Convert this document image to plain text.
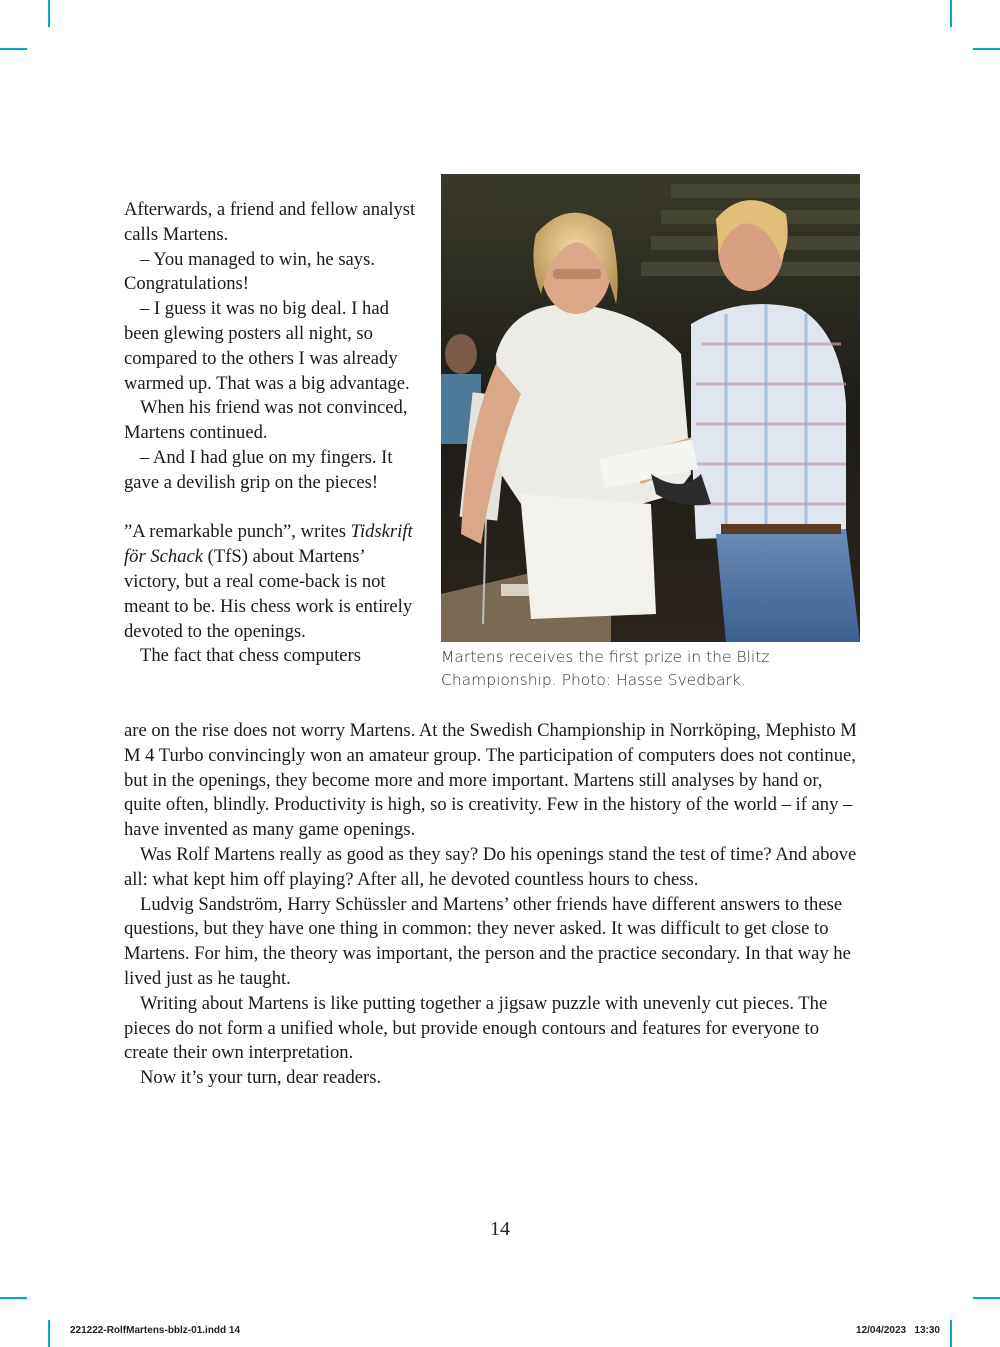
Afterwards, a friend and fellow analyst calls Martens.

– You managed to win, he says. Congratulations!

– I guess it was no big deal. I had been glewing posters all night, so compared to the others I was already warmed up. That was a big advantage.

When his friend was not convinced, Martens continued.

– And I had glue on my fingers. It gave a devilish grip on the pieces!

”A remarkable punch”, writes Tidskrift för Schack (TfS) about Martens’ victory, but a real come-back is not meant to be. His chess work is entirely devoted to the openings.

The fact that chess computers	Martens receives the first prize in the Blitz Championship. Photo: Hasse Svedbark.

are on the rise does not worry Martens. At the Swedish Championship in Norrköping, Mephisto M M 4 Turbo convincingly won an amateur group. The participation of computers does not continue, but in the openings, they become more and more important. Martens still analyses by hand or, quite often, blindly. Productivity is high, so is creativity. Few in the history of the world – if any – have invented as many game openings.

Was Rolf Martens really as good as they say? Do his openings stand the test of time? And above all: what kept him off playing? After all, he devoted countless hours to chess.

Ludvig Sandström, Harry Schüssler and Martens’ other friends have different answers to these questions, but they have one thing in common: they never asked. It was difficult to get close to Martens. For him, the theory was important, the person and the practice secondary. In that way he lived just as he taught.

Writing about Martens is like putting together a jigsaw puzzle with unevenly cut pieces. The pieces do not form a unified whole, but provide enough contours and features for everyone to create their own interpretation.

Now it’s your turn, dear readers.

14
221222-RolfMartens-bblz-01.indd 14	12/04/2023   13:30
